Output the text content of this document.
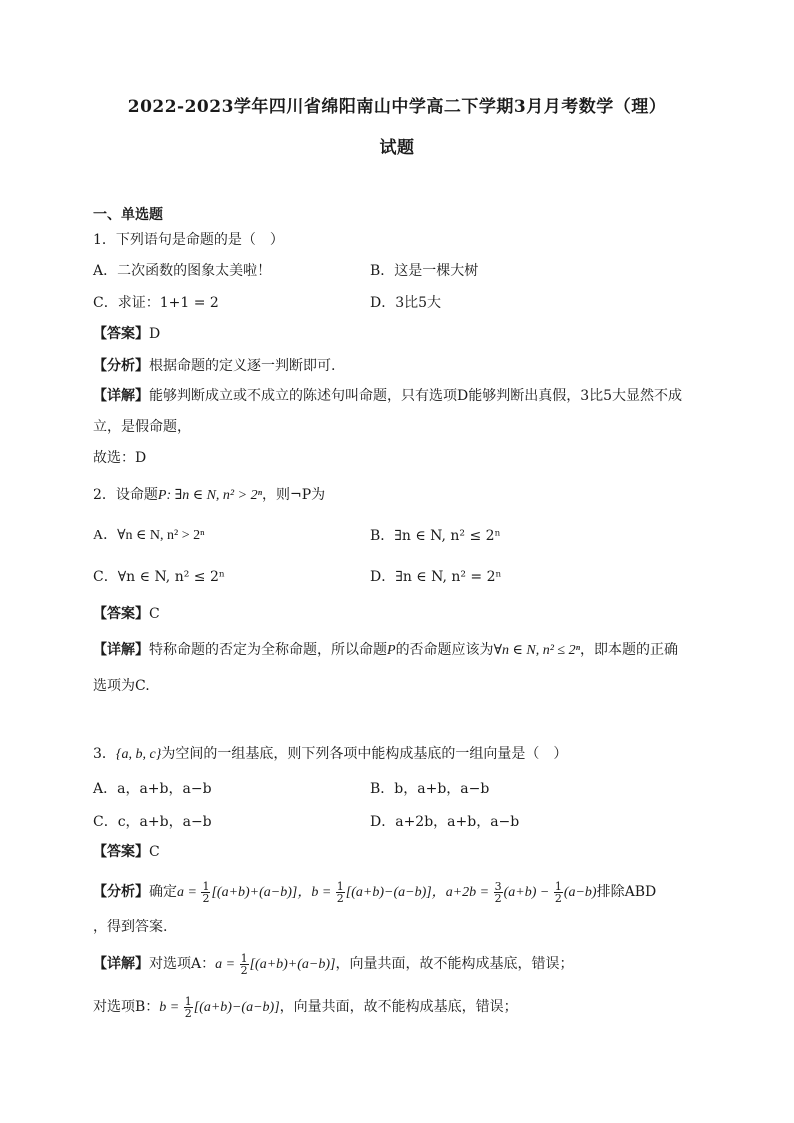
2022-2023学年四川省绵阳南山中学高二下学期3月月考数学（理）
试题
一、单选题
1．下列语句是命题的是（　）
A．二次函数的图象太美啦！	B．这是一棵大树
C．求证：1+1 = 2	D．3比5大
【答案】D
【分析】根据命题的定义逐一判断即可.
【详解】能够判断成立或不成立的陈述句叫命题，只有选项D能够判断出真假，3比5大显然不成
立，是假命题，
故选：D
2．设命题P: ∃n ∈ N, n² > 2ⁿ，则¬P为
A．∀n ∈ N, n² > 2ⁿ	B．∃n ∈ N, n² ≤ 2ⁿ
C．∀n ∈ N, n² ≤ 2ⁿ	D．∃n ∈ N, n² = 2ⁿ
【答案】C
【详解】特称命题的否定为全称命题，所以命题P的否命题应该为∀n ∈ N, n² ≤ 2ⁿ，即本题的正确
选项为C.
3．{a, b, c}为空间的一组基底，则下列各项中能构成基底的一组向量是（　）
A．a，a+b，a−b	B．b，a+b，a−b
C．c，a+b，a−b	D．a+2b，a+b，a−b
【答案】C
【分析】确定$a = \frac{1}{2} [(a+b)+(a-b)]$，$b = \frac{1}{2} [(a+b)-(a-b)]$，$a+2b = \frac{3}{2} (a+b) - \frac{1}{2} (a-b)$排除ABD
，得到答案.
【详解】对选项A：$a = \frac{1}{2} [(a+b)+(a-b)]$，向量共面，故不能构成基底，错误；
对选项B：$b = \frac{1}{2} [(a+b)-(a-b)]$，向量共面，故不能构成基底，错误；
